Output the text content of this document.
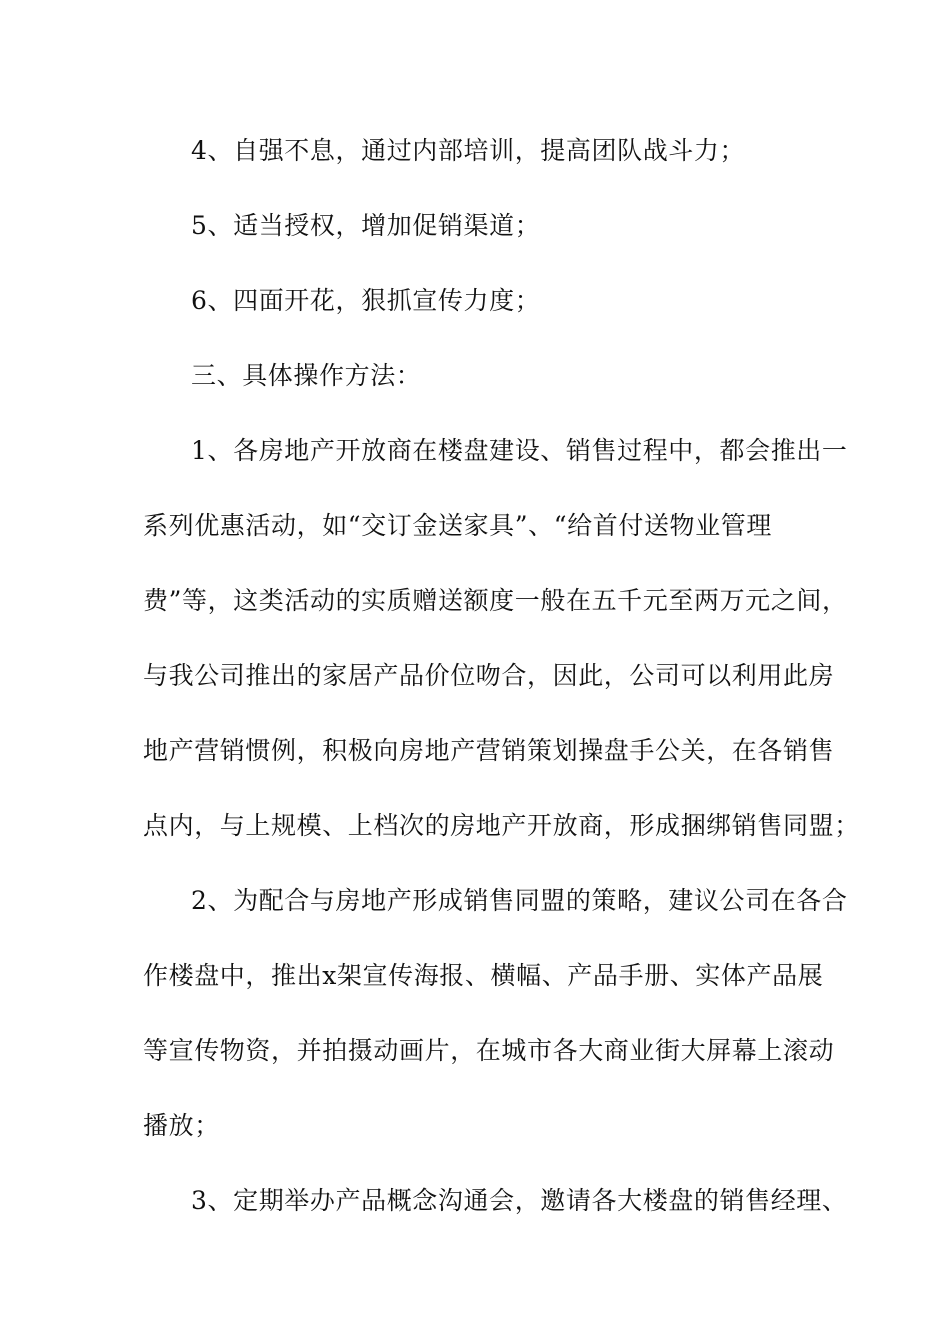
4、自强不息，通过内部培训，提高团队战斗力；
5、适当授权，增加促销渠道；
6、四面开花，狠抓宣传力度；
三、具体操作方法：
1、各房地产开放商在楼盘建设、销售过程中，都会推出一
系列优惠活动，如“交订金送家具”、“给首付送物业管理
费”等，这类活动的实质赠送额度一般在五千元至两万元之间，
与我公司推出的家居产品价位吻合，因此，公司可以利用此房
地产营销惯例，积极向房地产营销策划操盘手公关，在各销售
点内，与上规模、上档次的房地产开放商，形成捆绑销售同盟；
2、为配合与房地产形成销售同盟的策略，建议公司在各合
作楼盘中，推出x架宣传海报、横幅、产品手册、实体产品展
等宣传物资，并拍摄动画片，在城市各大商业街大屏幕上滚动
播放；
3、定期举办产品概念沟通会，邀请各大楼盘的销售经理、
